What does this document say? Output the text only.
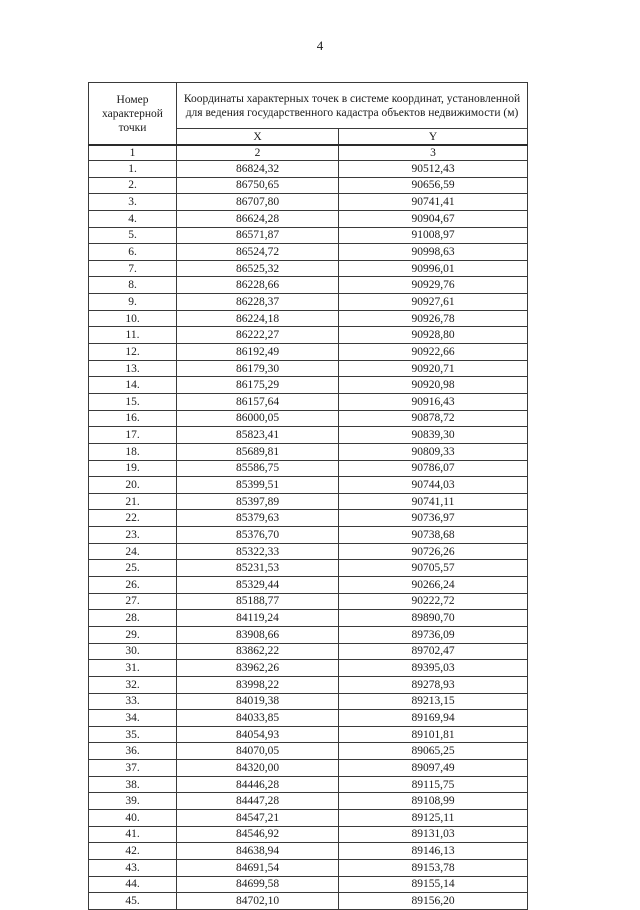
4
Номер характерной точки	Координаты характерных точек в системе координат, установленной для ведения государственного кадастра объектов недвижимости (м)	
	X	Y
1	2	3
1.	86824,32	90512,43
2.	86750,65	90656,59
3.	86707,80	90741,41
4.	86624,28	90904,67
5.	86571,87	91008,97
6.	86524,72	90998,63
7.	86525,32	90996,01
8.	86228,66	90929,76
9.	86228,37	90927,61
10.	86224,18	90926,78
11.	86222,27	90928,80
12.	86192,49	90922,66
13.	86179,30	90920,71
14.	86175,29	90920,98
15.	86157,64	90916,43
16.	86000,05	90878,72
17.	85823,41	90839,30
18.	85689,81	90809,33
19.	85586,75	90786,07
20.	85399,51	90744,03
21.	85397,89	90741,11
22.	85379,63	90736,97
23.	85376,70	90738,68
24.	85322,33	90726,26
25.	85231,53	90705,57
26.	85329,44	90266,24
27.	85188,77	90222,72
28.	84119,24	89890,70
29.	83908,66	89736,09
30.	83862,22	89702,47
31.	83962,26	89395,03
32.	83998,22	89278,93
33.	84019,38	89213,15
34.	84033,85	89169,94
35.	84054,93	89101,81
36.	84070,05	89065,25
37.	84320,00	89097,49
38.	84446,28	89115,75
39.	84447,28	89108,99
40.	84547,21	89125,11
41.	84546,92	89131,03
42.	84638,94	89146,13
43.	84691,54	89153,78
44.	84699,58	89155,14
45.	84702,10	89156,20
